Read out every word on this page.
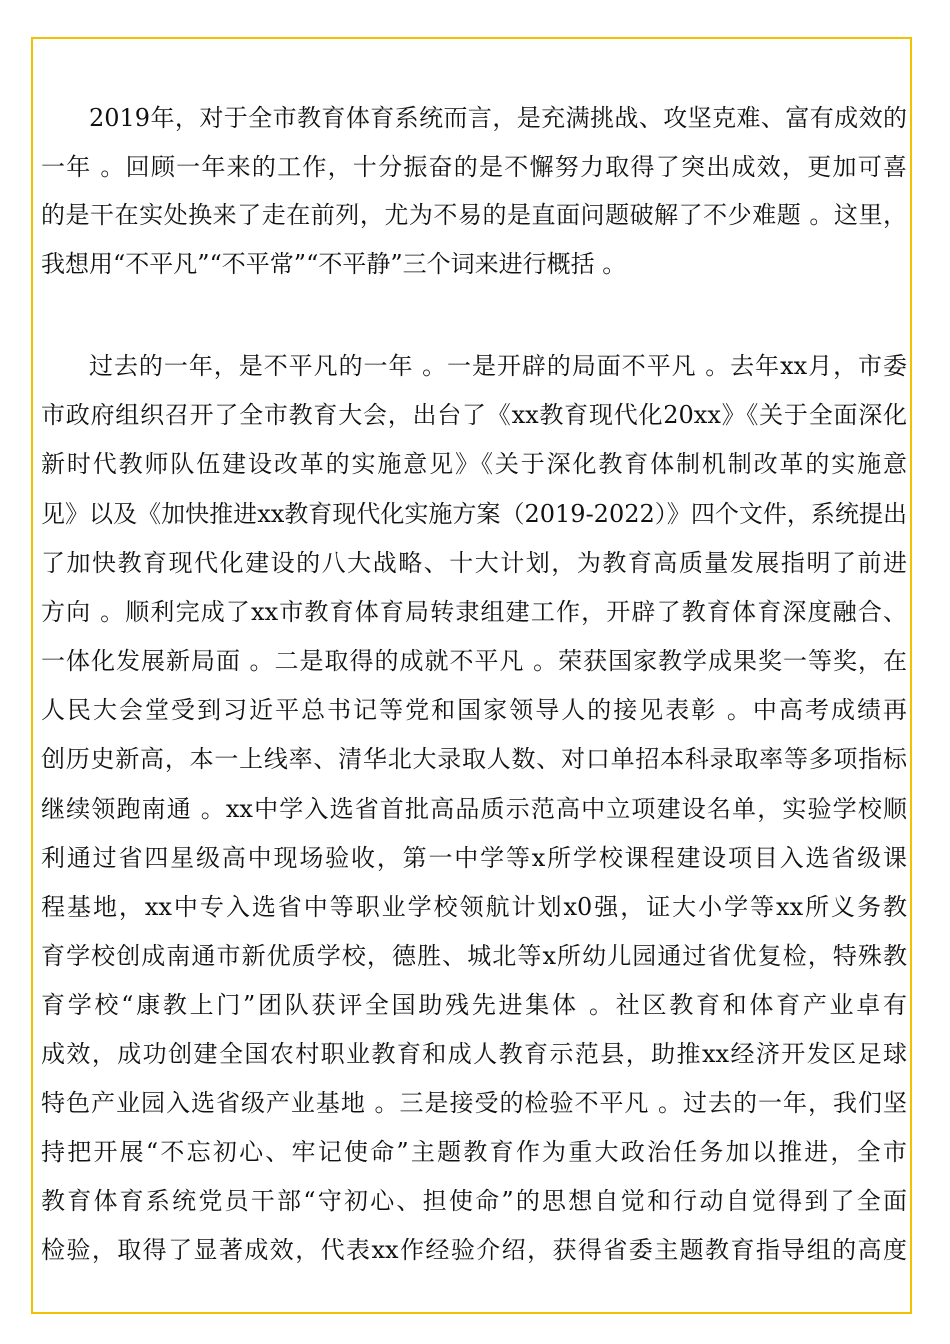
2019年，对于全市教育体育系统而言，是充满挑战、攻坚克难、富有成效的
一年 。回顾一年来的工作，十分振奋的是不懈努力取得了突出成效，更加可喜
的是干在实处换来了走在前列，尤为不易的是直面问题破解了不少难题 。这里，
我想用“不平凡”“不平常”“不平静”三个词来进行概括 。
过去的一年，是不平凡的一年 。一是开辟的局面不平凡 。去年xx月，市委
市政府组织召开了全市教育大会，出台了《xx教育现代化20xx》《关于全面深化
新时代教师队伍建设改革的实施意见》《关于深化教育体制机制改革的实施意
见》以及《加快推进xx教育现代化实施方案（2019-2022）》四个文件，系统提出
了加快教育现代化建设的八大战略、十大计划，为教育高质量发展指明了前进
方向 。顺利完成了xx市教育体育局转隶组建工作，开辟了教育体育深度融合、
一体化发展新局面 。二是取得的成就不平凡 。荣获国家教学成果奖一等奖，在
人民大会堂受到习近平总书记等党和国家领导人的接见表彰 。中高考成绩再
创历史新高，本一上线率、清华北大录取人数、对口单招本科录取率等多项指标
继续领跑南通 。xx中学入选省首批高品质示范高中立项建设名单，实验学校顺
利通过省四星级高中现场验收，第一中学等x所学校课程建设项目入选省级课
程基地，xx中专入选省中等职业学校领航计划x0强，证大小学等xx所义务教
育学校创成南通市新优质学校，德胜、城北等x所幼儿园通过省优复检，特殊教
育学校“康教上门”团队获评全国助残先进集体 。社区教育和体育产业卓有
成效，成功创建全国农村职业教育和成人教育示范县，助推xx经济开发区足球
特色产业园入选省级产业基地 。三是接受的检验不平凡 。过去的一年，我们坚
持把开展“不忘初心、牢记使命”主题教育作为重大政治任务加以推进，全市
教育体育系统党员干部“守初心、担使命”的思想自觉和行动自觉得到了全面
检验，取得了显著成效，代表xx作经验介绍，获得省委主题教育指导组的高度
